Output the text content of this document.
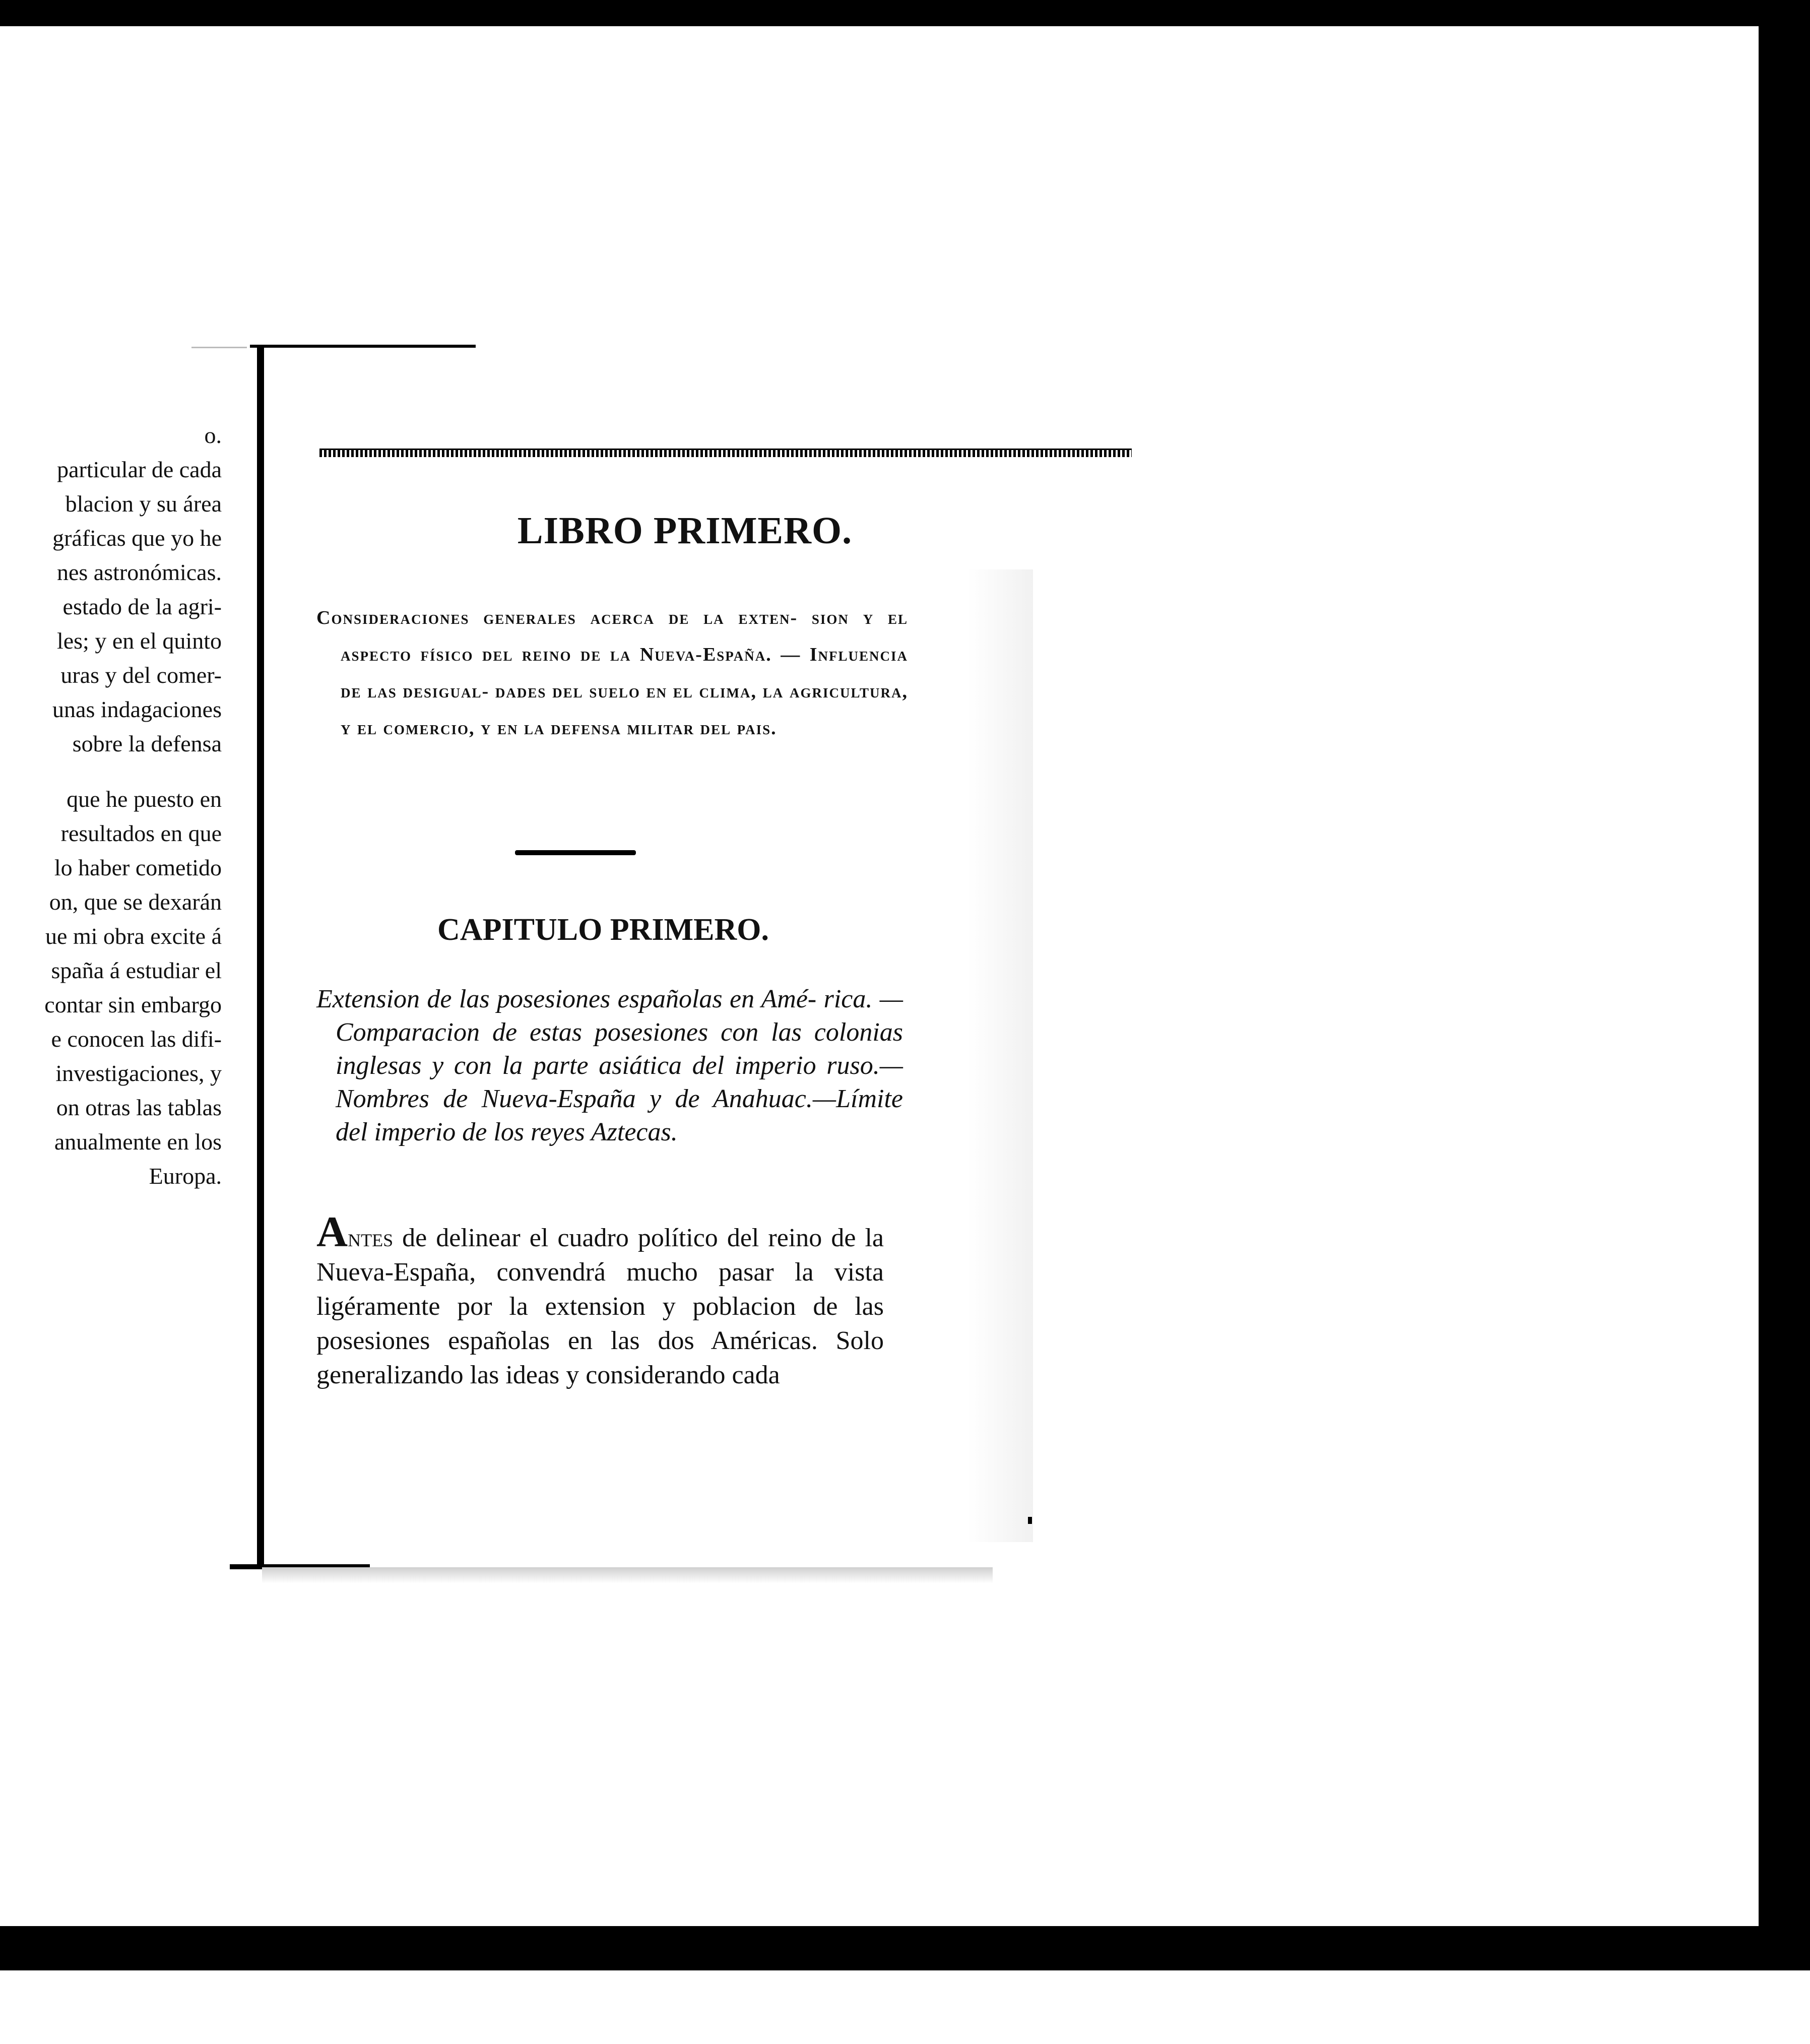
o.
particular de cada
blacion y su área
gráficas que yo he
nes astronómicas.
estado de la agri-
les; y en el quinto
uras y del comer-
unas indagaciones
sobre la defensa
que he puesto en
resultados en que
lo haber cometido
on, que se dexarán
ue mi obra excite á
spaña á estudiar el
contar sin embargo
e conocen las difi-
investigaciones, y
on otras las tablas
anualmente en los
Europa.
LIBRO PRIMERO.
Consideraciones generales acerca de la exten- sion y el aspecto físico del reino de la Nueva-España. — Influencia de las desigual- dades del suelo en el clima, la agricultura, y el comercio, y en la defensa militar del pais.
CAPITULO PRIMERO.
Extension de las posesiones españolas en Amé- rica. — Comparacion de estas posesiones con las colonias inglesas y con la parte asiática del imperio ruso.—Nombres de Nueva-España y de Anahuac.—Límite del imperio de los reyes Aztecas.
Antes de delinear el cuadro político del reino de la Nueva-España, convendrá mucho pasar la vista ligéramente por la extension y poblacion de las posesiones españolas en las dos Américas. Solo generalizando las ideas y considerando cada
